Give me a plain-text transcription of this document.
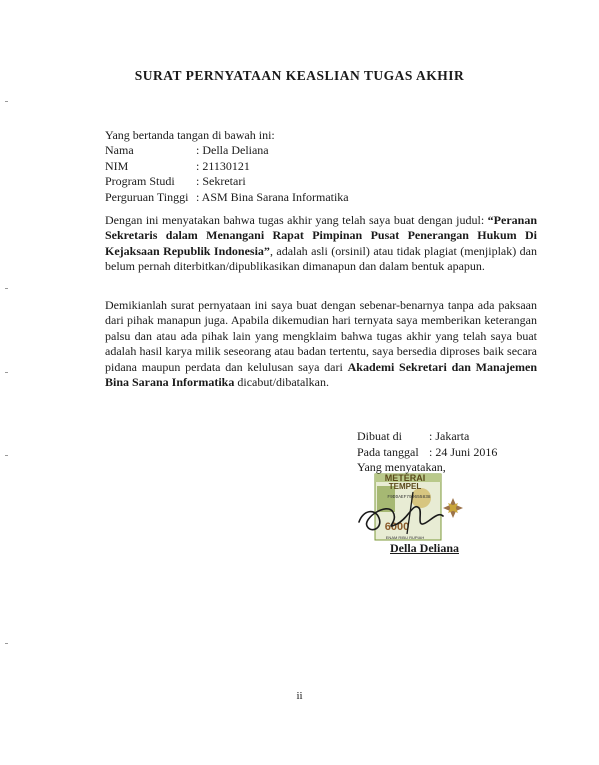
SURAT PERNYATAAN KEASLIAN TUGAS AKHIR
Yang bertanda tangan di bawah ini:
Nama	: Della Deliana
NIM	: 21130121
Program Studi : Sekretari
Perguruan Tinggi : ASM Bina Sarana Informatika

Dengan ini menyatakan bahwa tugas akhir yang telah saya buat dengan judul: “Peranan Sekretaris dalam Menangani Rapat Pimpinan Pusat Penerangan Hukum Di Kejaksaan Republik Indonesia”, adalah asli (orsinil) atau tidak plagiat (menjiplak) dan belum pernah diterbitkan/dipublikasikan dimanapun dan dalam bentuk apapun.

Demikianlah surat pernyataan ini saya buat dengan sebenar-benarnya tanpa ada paksaan dari pihak manapun juga. Apabila dikemudian hari ternyata saya memberikan keterangan palsu dan atau ada pihak lain yang mengklaim bahwa tugas akhir yang telah saya buat adalah hasil karya milik seseorang atau badan tertentu, saya bersedia diproses baik secara pidana maupun perdata dan kelulusan saya dari Akademi Sekretari dan Manajemen Bina Sarana Informatika dicabut/dibatalkan.

Dibuat di : Jakarta
Pada tanggal : 24 Juni 2016
Yang menyatakan,
METERAI
TEMPEL
F9DDAEF790655838
6000
ENAM RIBU RUPIAH
Della Deliana
ii
